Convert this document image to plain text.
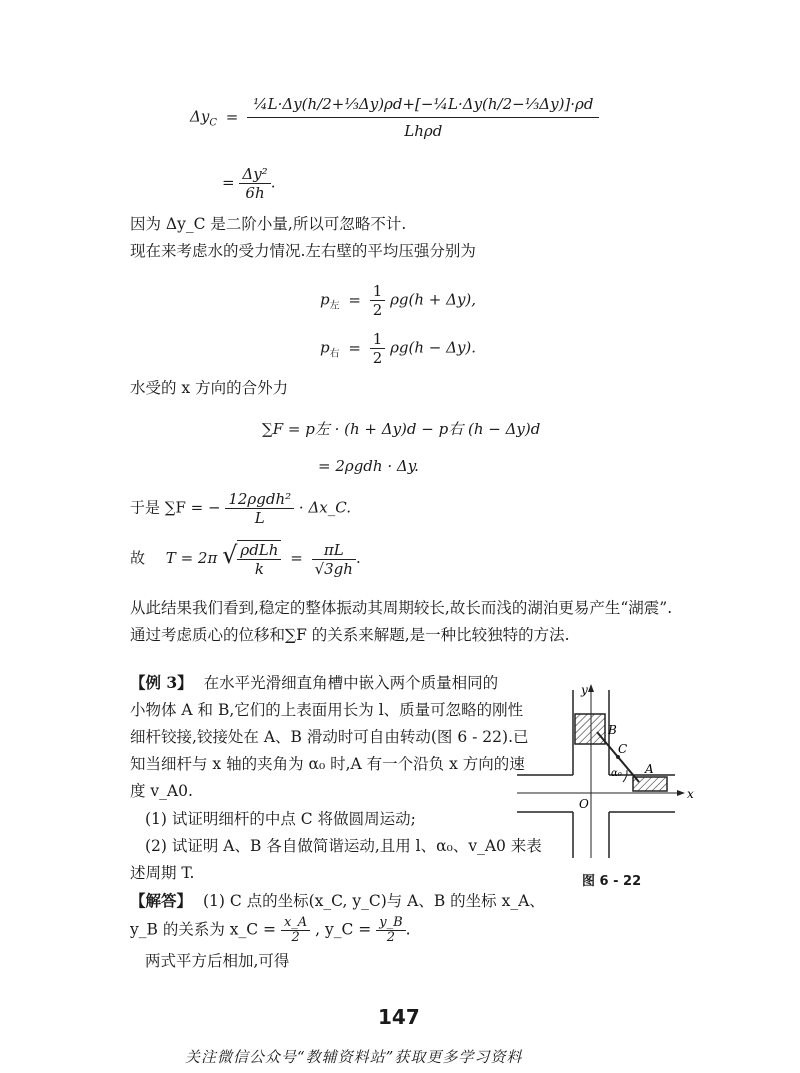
$\Delta y_C = \frac{\text{¼L·Δy(h/2+⅓Δy)ρd+[−¼L·Δy(h/2−⅓Δy)]·ρd}}{\text{Lhρd}}$
= $\frac{\text{Δy²}}{6h}$ .
因为 Δy_C 是二阶小量,所以可忽略不计.
现在来考虑水的受力情况.左右壁的平均压强分别为
$p_左 = \frac{1}{2} \rho g(h + \Delta y)$,
$p_右 = \frac{1}{2} \rho g(h - \Delta y)$.
水受的 x 方向的合外力
∑F = p左 · (h + Δy)d − p右 (h − Δy)d
= 2ρgdh · Δy.
于是 ∑F = − $\frac{\text{12ρgdh²}}{L}$ · Δx_C.
故 T = 2π √ $\frac{\text{ρdLh}}{k} = \frac{\pi L}{√3gh}$ .
从此结果我们看到,稳定的整体振动其周期较长,故长而浅的湖泊更易产生“湖震”.
通过考虑质心的位移和∑F 的关系来解题,是一种比较独特的方法.
【例 3】 在水平光滑细直角槽中嵌入两个质量相同的
小物体 A 和 B,它们的上表面用长为 l、质量可忽略的刚性
细杆铰接,铰接处在 A、B 滑动时可自由转动(图 6 - 22).已
知当细杆与 x 轴的夹角为 α₀ 时,A 有一个沿负 x 方向的速
度 v_A0.
(1) 试证明细杆的中点 C 将做圆周运动;
(2) 试证明 A、B 各自做简谐运动,且用 l、α₀、v_A0 来表
述周期 T.
【解答】 (1) C 点的坐标(x_C, y_C)与 A、B 的坐标 x_A、
y_B 的关系为 x_C = $\frac{x\_A}{2}$ , y_C = $\frac{y\_B}{2}$ .
两式平方后相加,可得
y
x
O
B
C
α₀ A
图 6 - 22
147
关注微信公众号“教辅资料站”获取更多学习资料
